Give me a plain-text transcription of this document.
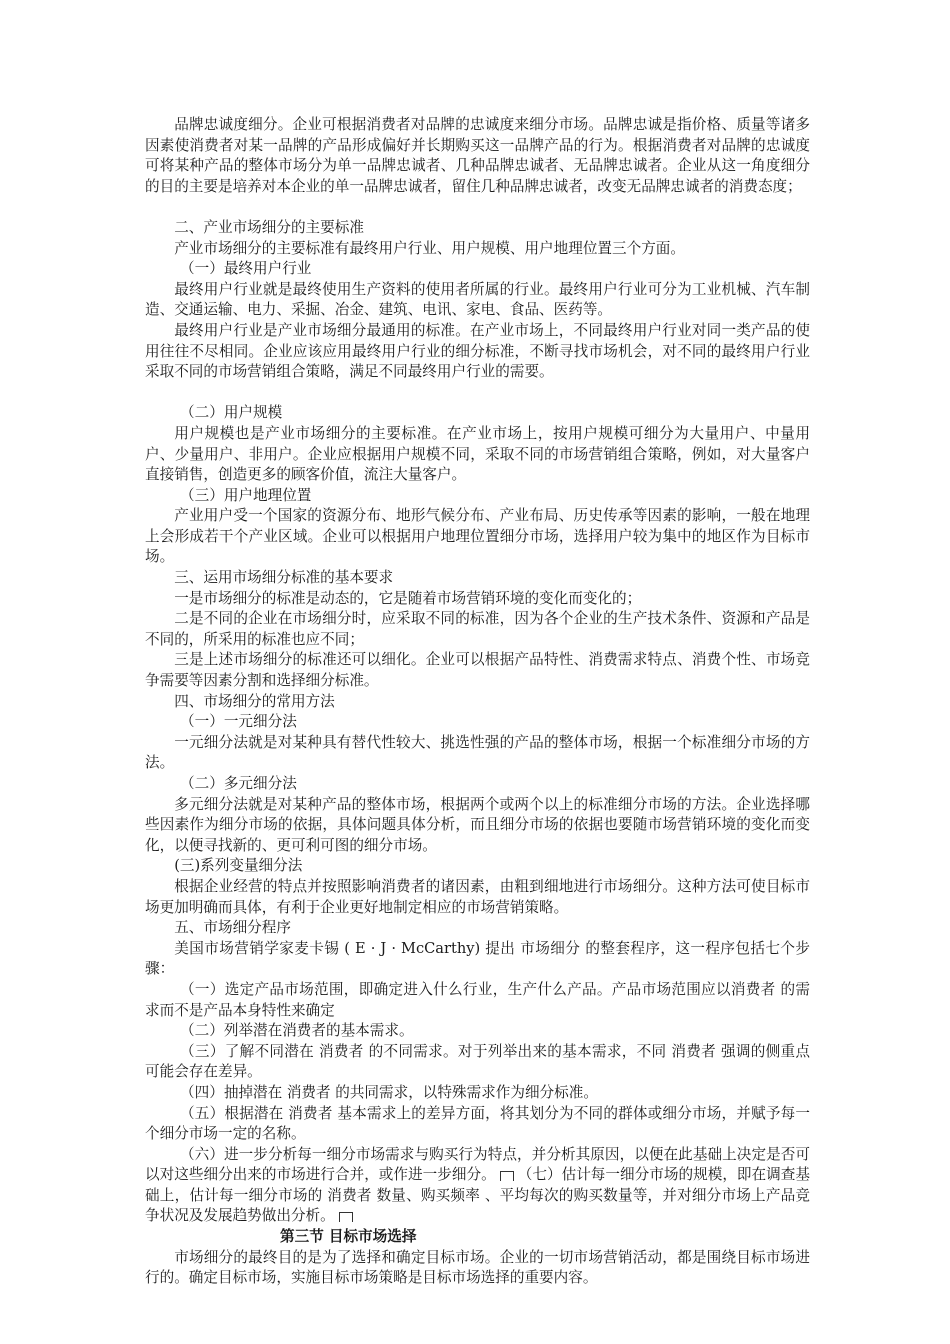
品牌忠诚度细分。企业可根据消费者对品牌的忠诚度来细分市场。品牌忠诚是指价格、质量等诸多因素使消费者对某一品牌的产品形成偏好并长期购买这一品牌产品的行为。根据消费者对品牌的忠诚度可将某种产品的整体市场分为单一品牌忠诚者、几种品牌忠诚者、无品牌忠诚者。企业从这一角度细分的目的主要是培养对本企业的单一品牌忠诚者，留住几种品牌忠诚者，改变无品牌忠诚者的消费态度；

二、产业市场细分的主要标准

产业市场细分的主要标准有最终用户行业、用户规模、用户地理位置三个方面。

（一）最终用户行业

最终用户行业就是最终使用生产资料的使用者所属的行业。最终用户行业可分为工业机械、汽车制造、交通运输、电力、采掘、冶金、建筑、电讯、家电、食品、医药等。

最终用户行业是产业市场细分最通用的标准。在产业市场上，不同最终用户行业对同一类产品的使用往往不尽相同。企业应该应用最终用户行业的细分标准，不断寻找市场机会，对不同的最终用户行业采取不同的市场营销组合策略，满足不同最终用户行业的需要。

（二）用户规模

用户规模也是产业市场细分的主要标准。在产业市场上，按用户规模可细分为大量用户、中量用户、少量用户、非用户。企业应根据用户规模不同，采取不同的市场营销组合策略，例如，对大量客户直接销售，创造更多的顾客价值，流注大量客户。

（三）用户地理位置

产业用户受一个国家的资源分布、地形气候分布、产业布局、历史传承等因素的影响，一般在地理上会形成若干个产业区域。企业可以根据用户地理位置细分市场，选择用户较为集中的地区作为目标市场。

三、运用市场细分标准的基本要求

一是市场细分的标准是动态的，它是随着市场营销环境的变化而变化的；

二是不同的企业在市场细分时，应采取不同的标准，因为各个企业的生产技术条件、资源和产品是不同的，所采用的标准也应不同；

三是上述市场细分的标准还可以细化。企业可以根据产品特性、消费需求特点、消费个性、市场竞争需要等因素分割和选择细分标准。

四、市场细分的常用方法

（一）一元细分法

一元细分法就是对某种具有替代性较大、挑选性强的产品的整体市场，根据一个标准细分市场的方法。

（二）多元细分法

多元细分法就是对某种产品的整体市场，根据两个或两个以上的标准细分市场的方法。企业选择哪些因素作为细分市场的依据，具体问题具体分析，而且细分市场的依据也要随市场营销环境的变化而变化，以便寻找新的、更可利可图的细分市场。

(三)系列变量细分法

根据企业经营的特点并按照影响消费者的诸因素，由粗到细地进行市场细分。这种方法可使目标市场更加明确而具体，有利于企业更好地制定相应的市场营销策略。

五、市场细分程序

美国市场营销学家麦卡锡 ( E · J · McCarthy) 提出 市场细分 的整套程序，这一程序包括七个步骤：

（一）选定产品市场范围，即确定进入什么行业，生产什么产品。产品市场范围应以消费者 的需求而不是产品本身特性来确定

（二）列举潜在消费者的基本需求。

（三）了解不同潜在 消费者 的不同需求。对于列举出来的基本需求，不同 消费者 强调的侧重点可能会存在差异。

（四）抽掉潜在 消费者 的共同需求，以特殊需求作为细分标准。

（五）根据潜在 消费者 基本需求上的差异方面，将其划分为不同的群体或细分市场，并赋予每一个细分市场一定的名称。

（六）进一步分析每一细分市场需求与购买行为特点，并分析其原因，以便在此基础上决定是否可以对这些细分出来的市场进行合并，或作进一步细分。 （七）估计每一细分市场的规模，即在调查基础上，估计每一细分市场的 消费者 数量、购买频率 、平均每次的购买数量等，并对细分市场上产品竞争状况及发展趋势做出分析。

第三节 目标市场选择

市场细分的最终目的是为了选择和确定目标市场。企业的一切市场营销活动，都是围绕目标市场进行的。确定目标市场，实施目标市场策略是目标市场选择的重要内容。
